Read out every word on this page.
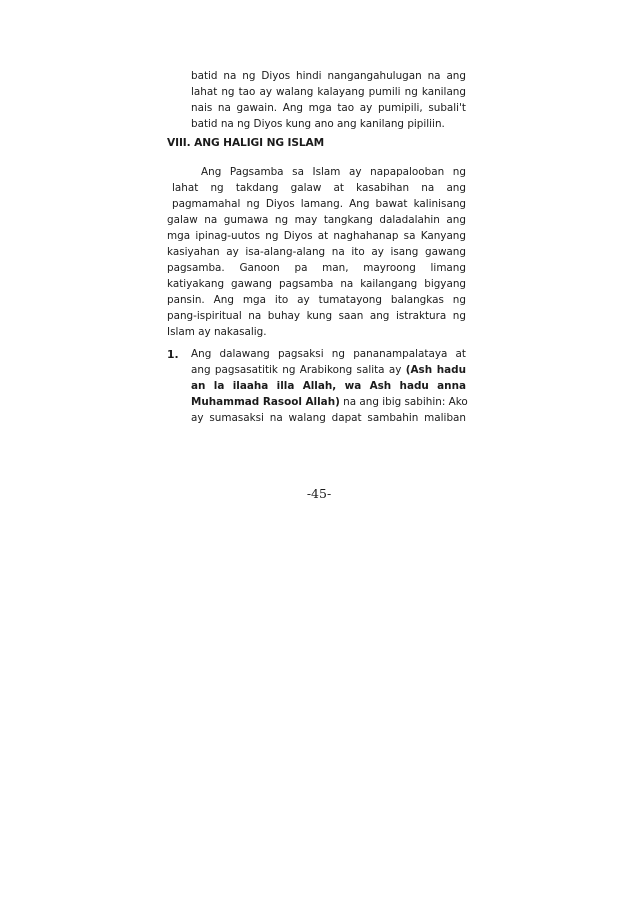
batid na ng Diyos hindi nangangahulugan na ang
lahat ng tao ay walang kalayang pumili ng kanilang
nais na gawain. Ang mga tao ay pumipili, subali't
batid na ng Diyos kung ano ang kanilang pipiliin.
VIII. ANG HALIGI NG ISLAM
Ang Pagsamba sa Islam ay napapalooban ng
lahat ng takdang galaw at kasabihan na ang
pagmamahal ng Diyos lamang. Ang bawat kalinisang
galaw na gumawa ng may tangkang daladalahin ang
mga ipinag-uutos ng Diyos at naghahanap sa Kanyang
kasiyahan ay isa-alang-alang na ito ay isang gawang
pagsamba. Ganoon pa man, mayroong limang
katiyakang gawang pagsamba na kailangang bigyang
pansin. Ang mga ito ay tumatayong balangkas ng
pang-ispiritual na buhay kung saan ang istraktura ng
Islam ay nakasalig.
1. Ang dalawang pagsaksi ng pananampalataya at
ang pagsasatitik ng Arabikong salita ay (Ash hadu
an la ilaaha illa Allah, wa Ash hadu anna
Muhammad Rasool Allah) na ang ibig sabihin: Ako
ay sumasaksi na walang dapat sambahin maliban
-45-
